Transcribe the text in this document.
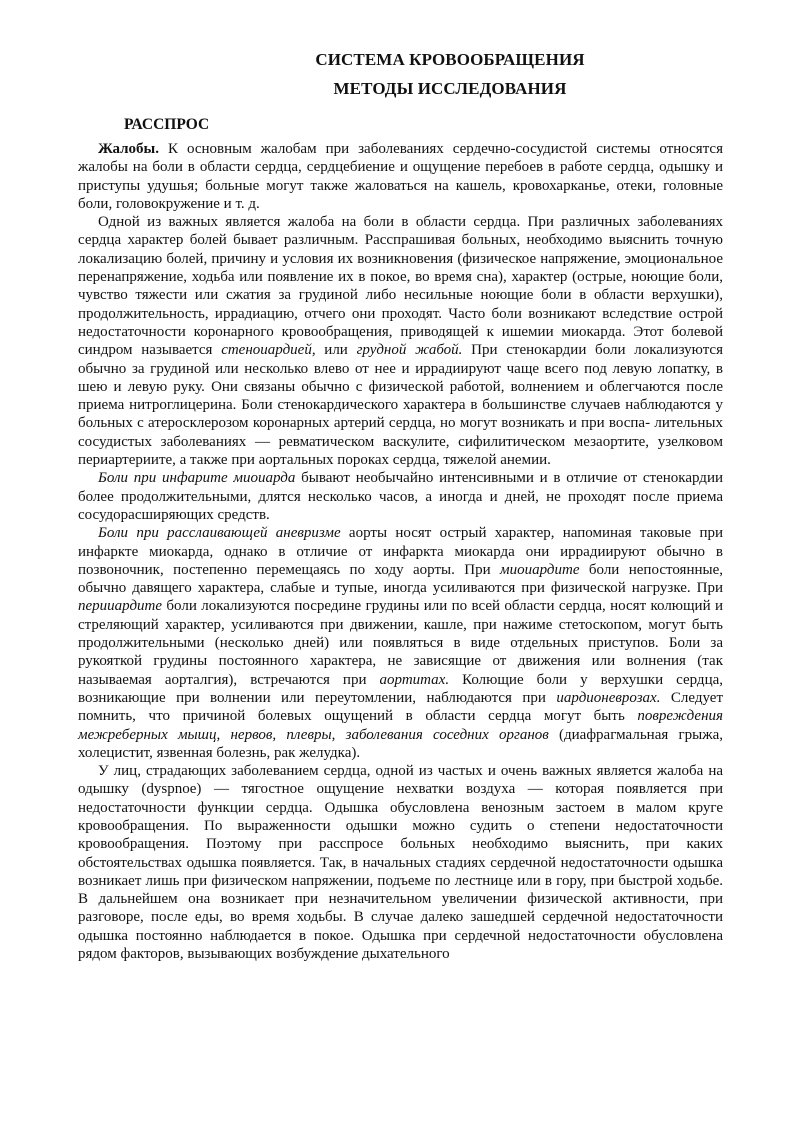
СИСТЕМА КРОВООБРАЩЕНИЯ
МЕТОДЫ ИССЛЕДОВАНИЯ
РАССПРОС

Жалобы. К основным жалобам при заболеваниях сердечно-сосудистой системы относятся жалобы на боли в области сердца, сердцебиение и ощущение перебоев в работе сердца, одышку и приступы удушья; больные могут также жаловаться на кашель, кровохарканье, отеки, головные боли, головокружение и т. д.

Одной из важных является жалоба на боли в области сердца. При различных заболеваниях сердца характер болей бывает различным. Расспрашивая больных, необходимо выяснить точную локализацию болей, причину и условия их возникновения (физическое напряжение, эмоциональное перенапряжение, ходьба или появление их в покое, во время сна), характер (острые, ноющие боли, чувство тяжести или сжатия за грудиной либо несильные ноющие боли в области верхушки), продолжительность, иррадиацию, отчего они проходят. Часто боли возникают вследствие острой недостаточности коронарного кровообращения, приводящей к ишемии миокарда. Этот болевой синдром называется стенoиардией, или грудной жабой. При стенокардии боли локализуются обычно за грудиной или несколько влево от нее и иррадиируют чаще всего под левую лопатку, в шею и левую руку. Они связаны обычно с физической работой, волнением и облегчаются после приема нитроглицерина. Боли стенокардического характера в большинстве случаев наблюдаются у больных с атеросклерозом коронарных артерий сердца, но могут возникать и при воспа- лительных сосудистых заболеваниях — ревматическом васкулите, сифилитическом мезаортите, узелковом периартериите, а также при аортальных пороках сердца, тяжелой анемии.

Боли при инфарите миоиарда бывают необычайно интенсивными и в отличие от стенокардии более продолжительными, длятся несколько часов, а иногда и дней, не проходят после приема сосудорасширяющих средств.

Боли при расслаивающей аневризме аорты носят острый характер, напоминая таковые при инфаркте миокарда, однако в отличие от инфаркта миокарда они иррадиируют обычно в позвоночник, постепенно перемещаясь по ходу аорты. При миоиардите боли непостоянные, обычно давящего характера, слабые и тупые, иногда усиливаются при физической нагрузке. При перииардите боли локализуются посредине грудины или по всей области сердца, носят колющий и стреляющий характер, усиливаются при движении, кашле, при нажиме стетоскопом, могут быть продолжительными (несколько дней) или появляться в виде отдельных приступов. Боли за рукояткой грудины постоянного характера, не зависящие от движения или волнения (так называемая аорталгия), встречаются при аортитах. Колющие боли у верхушки сердца, возникающие при волнении или переутомлении, наблюдаются при иардионеврозах. Следует помнить, что причиной болевых ощущений в области сердца могут быть повреждения межреберных мышц, нервов, плевры, заболевания соседних органов (диафрагмальная грыжа, холецистит, язвенная болезнь, рак желудка).

У лиц, страдающих заболеванием сердца, одной из частых и очень важных является жалоба на одышку (dyspnoe) — тягостное ощущение нехватки воздуха — которая появляется при недостаточности функции сердца. Одышка обусловлена венозным застоем в малом круге кровообращения. По выраженности одышки можно судить о степени недостаточности кровообращения. Поэтому при расспросе больных необходимо выяснить, при каких обстоятельствах одышка появляется. Так, в начальных стадиях сердечной недостаточности одышка возникает лишь при физическом напряжении, подъеме по лестнице или в гору, при быстрой ходьбе. В дальнейшем она возникает при незначительном увеличении физической активности, при разговоре, после еды, во время ходьбы. В случае далеко зашедшей сердечной недостаточности одышка постоянно наблюдается в покое. Одышка при сердечной недостаточности обусловлена рядом факторов, вызывающих возбуждение дыхательного
